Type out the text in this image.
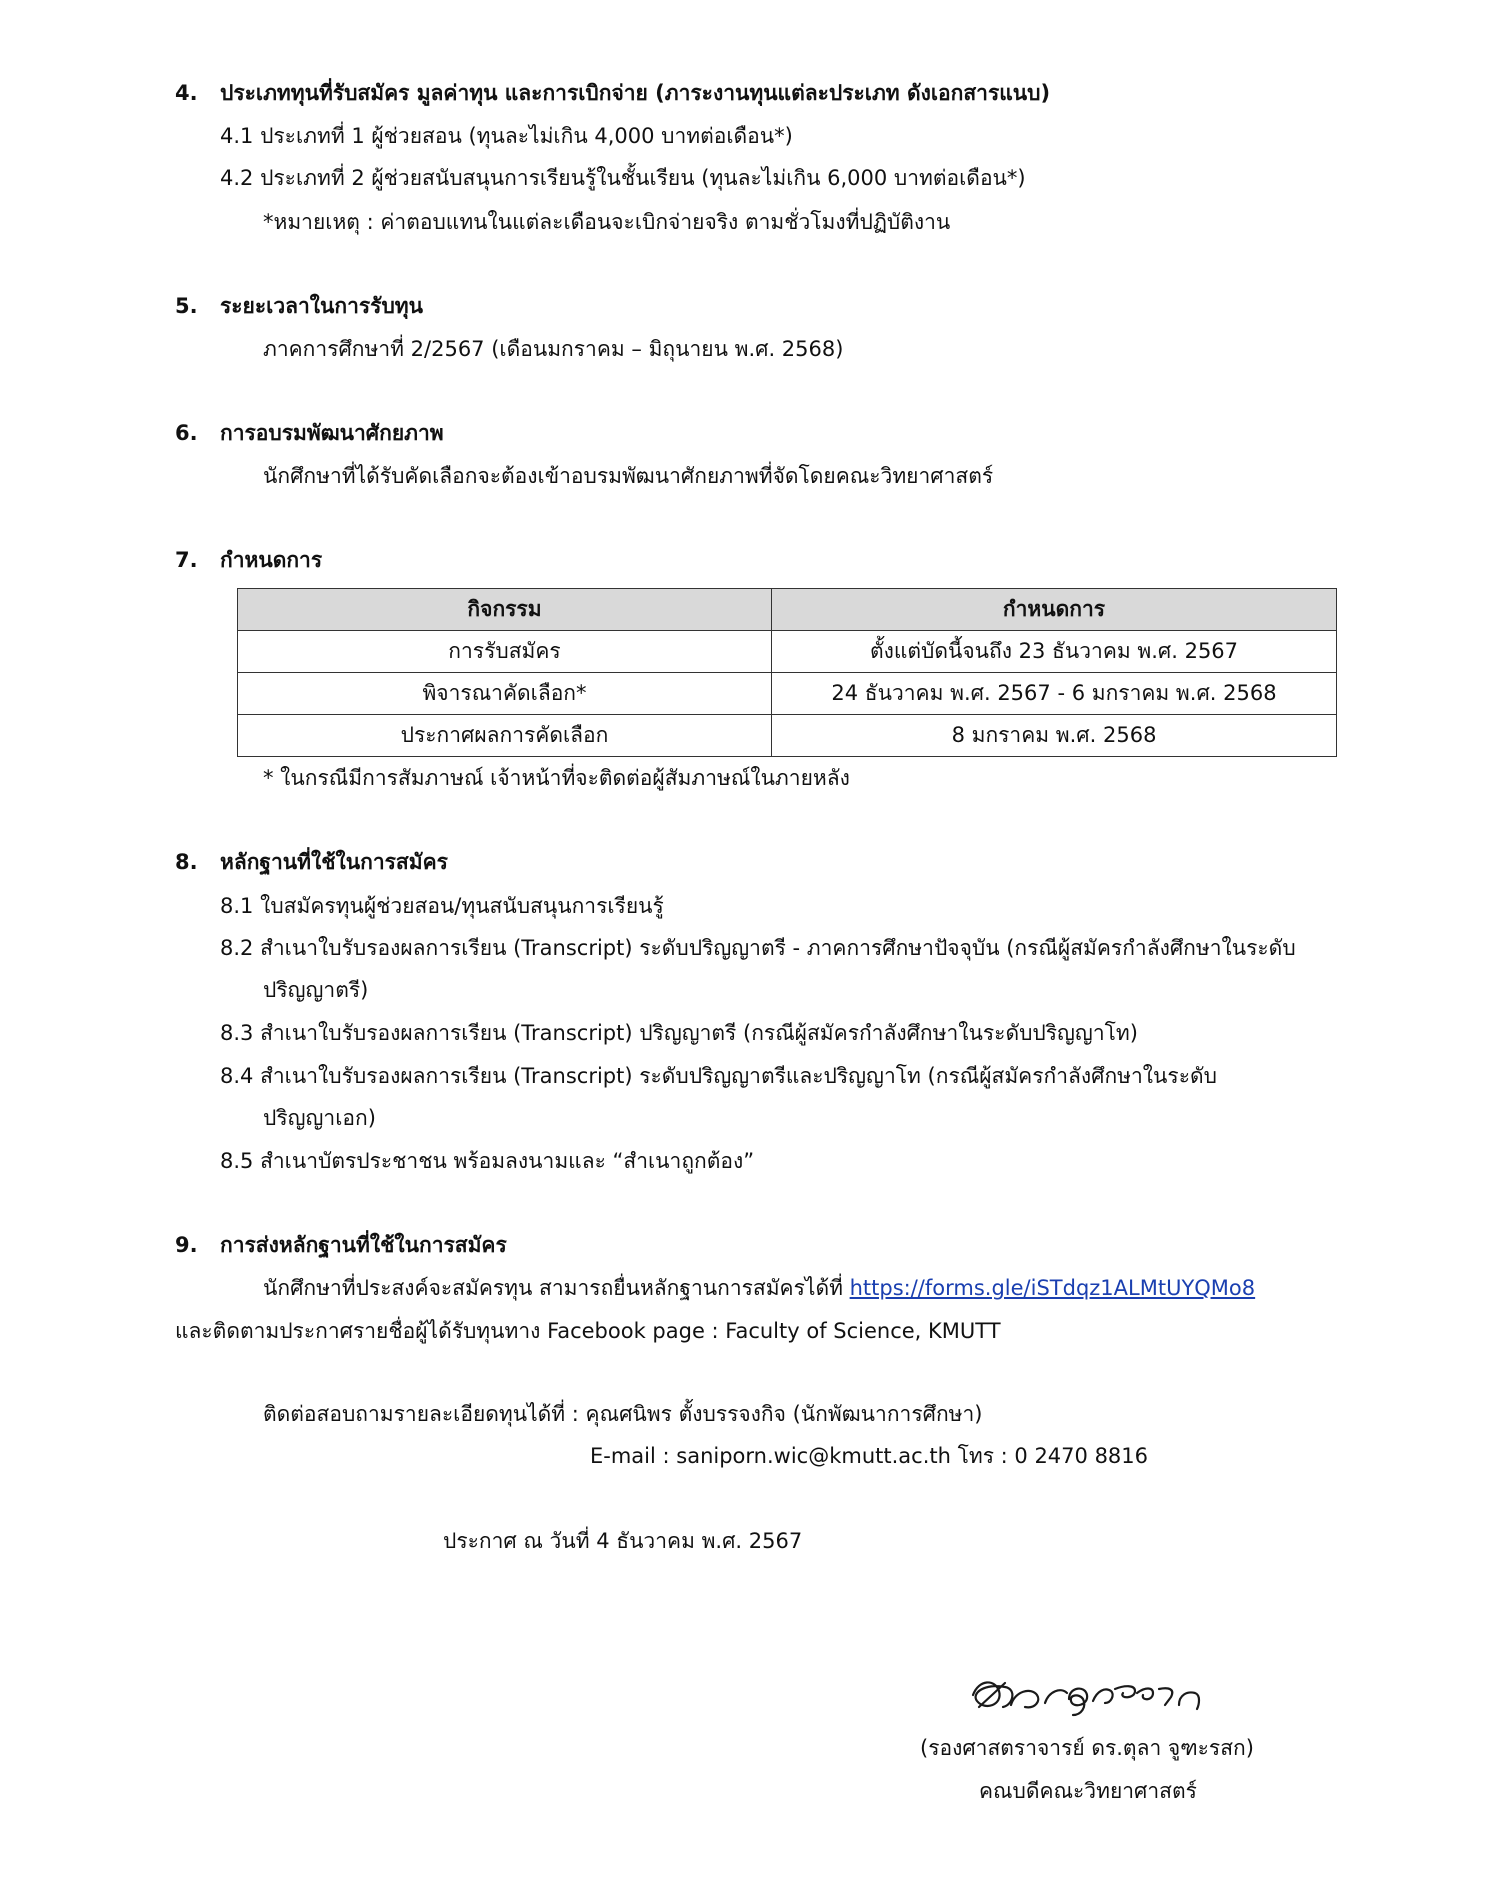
4. ประเภททุนที่รับสมัคร มูลค่าทุน และการเบิกจ่าย (ภาระงานทุนแต่ละประเภท ดังเอกสารแนบ)
4.1 ประเภทที่ 1 ผู้ช่วยสอน (ทุนละไม่เกิน 4,000 บาทต่อเดือน*)
4.2 ประเภทที่ 2 ผู้ช่วยสนับสนุนการเรียนรู้ในชั้นเรียน (ทุนละไม่เกิน 6,000 บาทต่อเดือน*)
*หมายเหตุ : ค่าตอบแทนในแต่ละเดือนจะเบิกจ่ายจริง ตามชั่วโมงที่ปฏิบัติงาน
5. ระยะเวลาในการรับทุน
ภาคการศึกษาที่ 2/2567 (เดือนมกราคม – มิถุนายน พ.ศ. 2568)
6. การอบรมพัฒนาศักยภาพ
นักศึกษาที่ได้รับคัดเลือกจะต้องเข้าอบรมพัฒนาศักยภาพที่จัดโดยคณะวิทยาศาสตร์
7. กำหนดการ
กิจกรรม	กำหนดการ
การรับสมัคร	ตั้งแต่บัดนี้จนถึง 23 ธันวาคม พ.ศ. 2567
พิจารณาคัดเลือก*	24 ธันวาคม พ.ศ. 2567 - 6 มกราคม พ.ศ. 2568
ประกาศผลการคัดเลือก	8 มกราคม พ.ศ. 2568
* ในกรณีมีการสัมภาษณ์ เจ้าหน้าที่จะติดต่อผู้สัมภาษณ์ในภายหลัง
8. หลักฐานที่ใช้ในการสมัคร
8.1 ใบสมัครทุนผู้ช่วยสอน/ทุนสนับสนุนการเรียนรู้
8.2 สำเนาใบรับรองผลการเรียน (Transcript) ระดับปริญญาตรี - ภาคการศึกษาปัจจุบัน (กรณีผู้สมัครกำลังศึกษาในระดับ
ปริญญาตรี)
8.3 สำเนาใบรับรองผลการเรียน (Transcript) ปริญญาตรี (กรณีผู้สมัครกำลังศึกษาในระดับปริญญาโท)
8.4 สำเนาใบรับรองผลการเรียน (Transcript) ระดับปริญญาตรีและปริญญาโท (กรณีผู้สมัครกำลังศึกษาในระดับ
ปริญญาเอก)
8.5 สำเนาบัตรประชาชน พร้อมลงนามและ “สำเนาถูกต้อง”
9. การส่งหลักฐานที่ใช้ในการสมัคร
นักศึกษาที่ประสงค์จะสมัครทุน สามารถยื่นหลักฐานการสมัครได้ที่ https://forms.gle/iSTdqz1ALMtUYQMo8
และติดตามประกาศรายชื่อผู้ได้รับทุนทาง Facebook page : Faculty of Science, KMUTT
ติดต่อสอบถามรายละเอียดทุนได้ที่ : คุณศนิพร ตั้งบรรจงกิจ (นักพัฒนาการศึกษา)
E-mail : saniporn.wic@kmutt.ac.th โทร : 0 2470 8816
ประกาศ ณ วันที่ 4 ธันวาคม พ.ศ. 2567
(รองศาสตราจารย์ ดร.ตุลา จูฑะรสก)
คณบดีคณะวิทยาศาสตร์
